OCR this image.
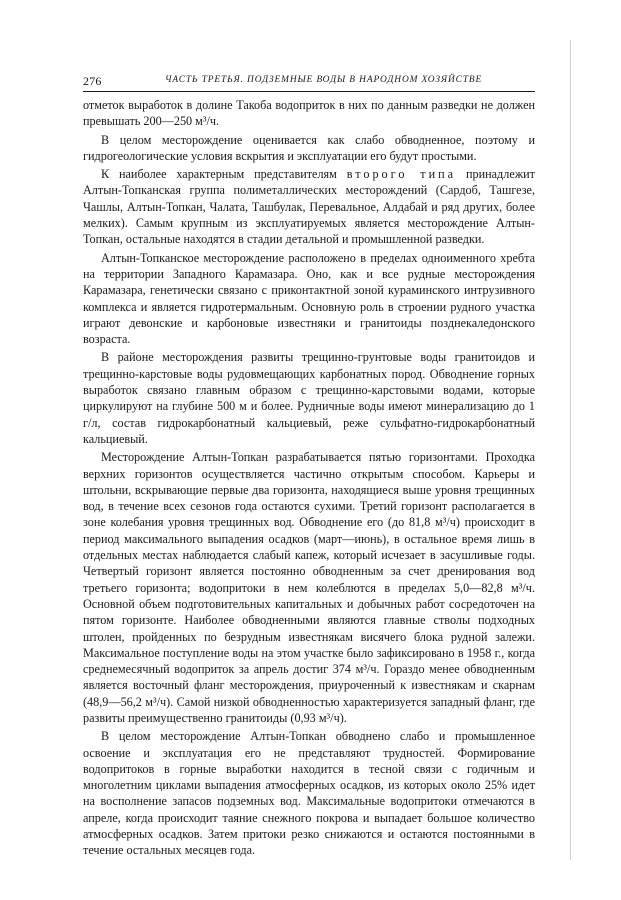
276	ЧАСТЬ ТРЕТЬЯ. ПОДЗЕМНЫЕ ВОДЫ В НАРОДНОМ ХОЗЯЙСТВЕ

отметок выработок в долине Такоба водоприток в них по данным разведки не должен превышать 200—250 м³/ч.

В целом месторождение оценивается как слабо обводненное, поэтому и гидрогеологические условия вскрытия и эксплуатации его будут простыми.

К наиболее характерным представителям второго типа принадлежит Алтын-Топканская группа полиметаллических месторождений (Сардоб, Ташгезе, Чашлы, Алтын-Топкан, Чалата, Ташбулак, Перевальное, Алдабай и ряд других, более мелких). Самым крупным из эксплуатируемых является месторождение Алтын-Топкан, остальные находятся в стадии детальной и промышленной разведки.

Алтын-Топканское месторождение расположено в пределах одноименного хребта на территории Западного Карамазара. Оно, как и все рудные месторождения Карамазара, генетически связано с приконтактной зоной кураминского интрузивного комплекса и является гидротермальным. Основную роль в строении рудного участка играют девонские и карбоновые известняки и гранитоиды позднекаледонского возраста.

В районе месторождения развиты трещинно-грунтовые воды гранитоидов и трещинно-карстовые воды рудовмещающих карбонатных пород. Обводнение горных выработок связано главным образом с трещинно-карстовыми водами, которые циркулируют на глубине 500 м и более. Рудничные воды имеют минерализацию до 1 г/л, состав гидрокарбонатный кальциевый, реже сульфатно-гидрокарбонатный кальциевый.

Месторождение Алтын-Топкан разрабатывается пятью горизонтами. Проходка верхних горизонтов осуществляется частично открытым способом. Карьеры и штольни, вскрывающие первые два горизонта, находящиеся выше уровня трещинных вод, в течение всех сезонов года остаются сухими. Третий горизонт располагается в зоне колебания уровня трещинных вод. Обводнение его (до 81,8 м³/ч) происходит в период максимального выпадения осадков (март—июнь), в остальное время лишь в отдельных местах наблюдается слабый капеж, который исчезает в засушливые годы. Четвертый горизонт является постоянно обводненным за счет дренирования вод третьего горизонта; водопритоки в нем колеблются в пределах 5,0—82,8 м³/ч. Основной объем подготовительных капитальных и добычных работ сосредоточен на пятом горизонте. Наиболее обводненными являются главные стволы подходных штолен, пройденных по безрудным известнякам висячего блока рудной залежи. Максимальное поступление воды на этом участке было зафиксировано в 1958 г., когда среднемесячный водоприток за апрель достиг 374 м³/ч. Гораздо менее обводненным является восточный фланг месторождения, приуроченный к известнякам и скарнам (48,9—56,2 м³/ч). Самой низкой обводненностью характеризуется западный фланг, где развиты преимущественно гранитоиды (0,93 м³/ч).

В целом месторождение Алтын-Топкан обводнено слабо и промышленное освоение и эксплуатация его не представляют трудностей. Формирование водопритоков в горные выработки находится в тесной связи с годичным и многолетним циклами выпадения атмосферных осадков, из которых около 25% идет на восполнение запасов подземных вод. Максимальные водопритоки отмечаются в апреле, когда происходит таяние снежного покрова и выпадает большое количество атмосферных осадков. Затем притоки резко снижаются и остаются постоянными в течение остальных месяцев года.
